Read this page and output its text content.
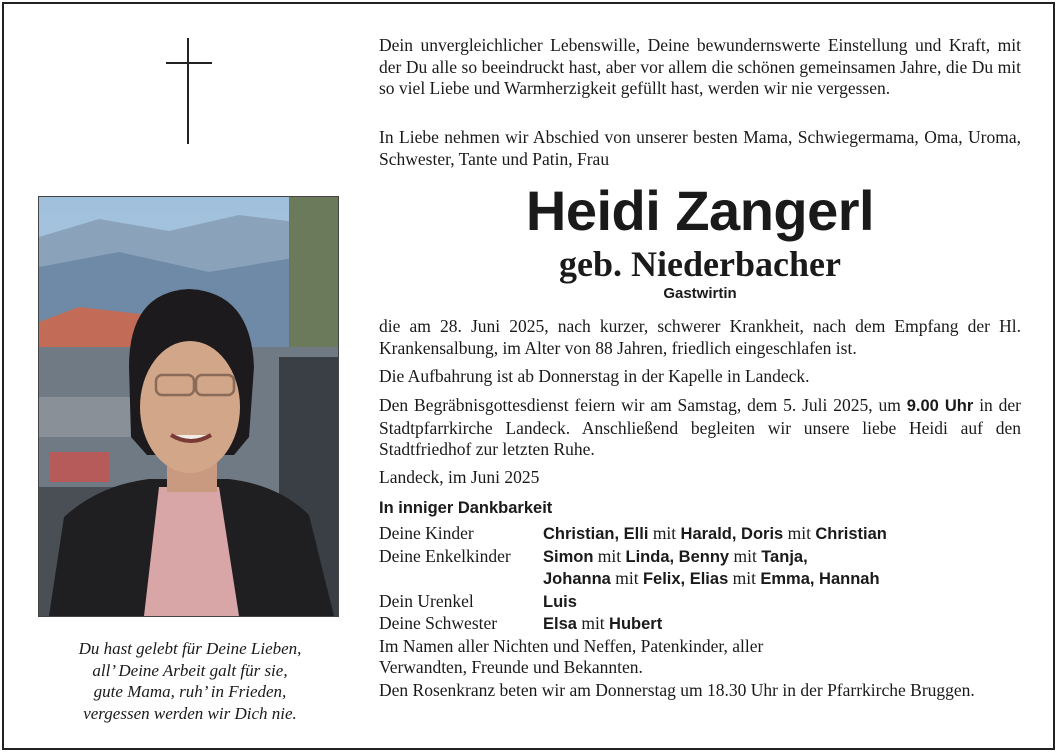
Du hast gelebt für Deine Lieben,
all’ Deine Arbeit galt für sie,
gute Mama, ruh’ in Frieden,
vergessen werden wir Dich nie.
Dein unvergleichlicher Lebenswille, Deine bewundernswerte Einstellung und Kraft, mit der Du alle so beeindruckt hast, aber vor allem die schönen gemeinsamen Jahre, die Du mit so viel Liebe und Warmherzigkeit gefüllt hast, werden wir nie vergessen.
In Liebe nehmen wir Abschied von unserer besten Mama, Schwiegermama, Oma, Uroma, Schwester, Tante und Patin, Frau
Heidi Zangerl
geb. Niederbacher
Gastwirtin
die am 28. Juni 2025, nach kurzer, schwerer Krankheit, nach dem Empfang der Hl. Krankensalbung, im Alter von 88 Jahren, friedlich eingeschlafen ist.
Die Aufbahrung ist ab Donnerstag in der Kapelle in Landeck.
Den Begräbnisgottesdienst feiern wir am Samstag, dem 5. Juli 2025, um 9.00 Uhr in der Stadtpfarrkirche Landeck. Anschließend begleiten wir unsere liebe Heidi auf den Stadtfriedhof zur letzten Ruhe.
Landeck, im Juni 2025
In inniger Dankbarkeit
Deine Kinder	Christian, Elli mit Harald, Doris mit Christian
Deine Enkelkinder	Simon mit Linda, Benny mit Tanja,
Johanna mit Felix, Elias mit Emma, Hannah
Dein Urenkel	Luis
Deine Schwester	Elsa mit Hubert
Im Namen aller Nichten und Neffen, Patenkinder, aller Verwandten, Freunde und Bekannten.
Den Rosenkranz beten wir am Donnerstag um 18.30 Uhr in der Pfarrkirche Bruggen.
